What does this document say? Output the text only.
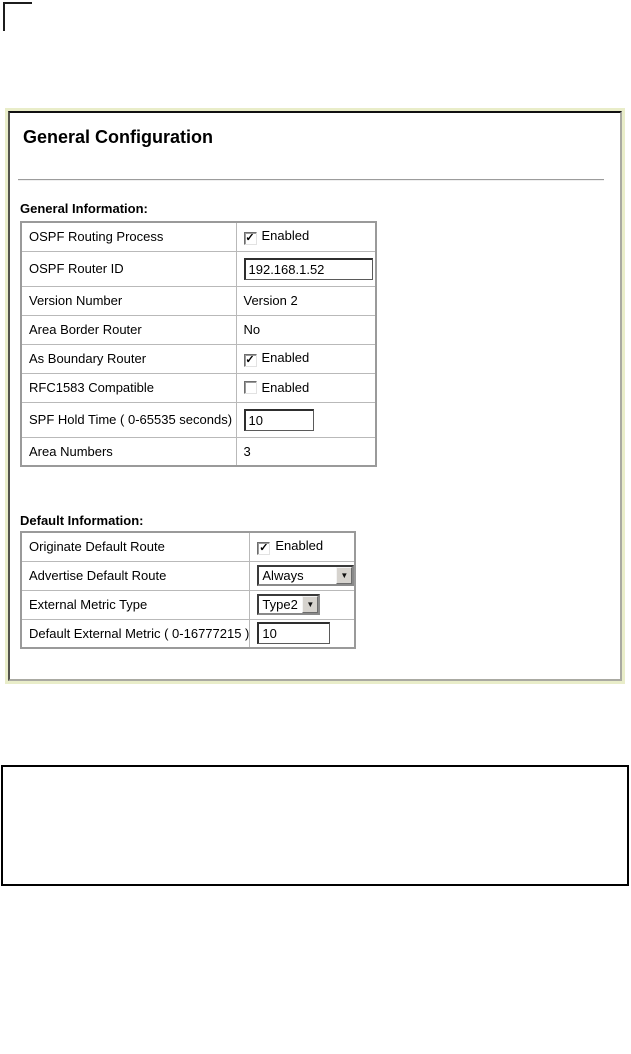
General Configuration
General Information:
OSPF Routing Process	✓ Enabled
OSPF Router ID	192.168.1.52
Version Number	Version 2
Area Border Router	No
As Boundary Router	✓ Enabled
RFC1583 Compatible	Enabled
SPF Hold Time ( 0-65535 seconds)	10
Area Numbers	3
Default Information:
Originate Default Route	✓ Enabled
Advertise Default Route	Always ▼

External Metric Type	Type2 ▼

Default External Metric ( 0-16777215 )	10
